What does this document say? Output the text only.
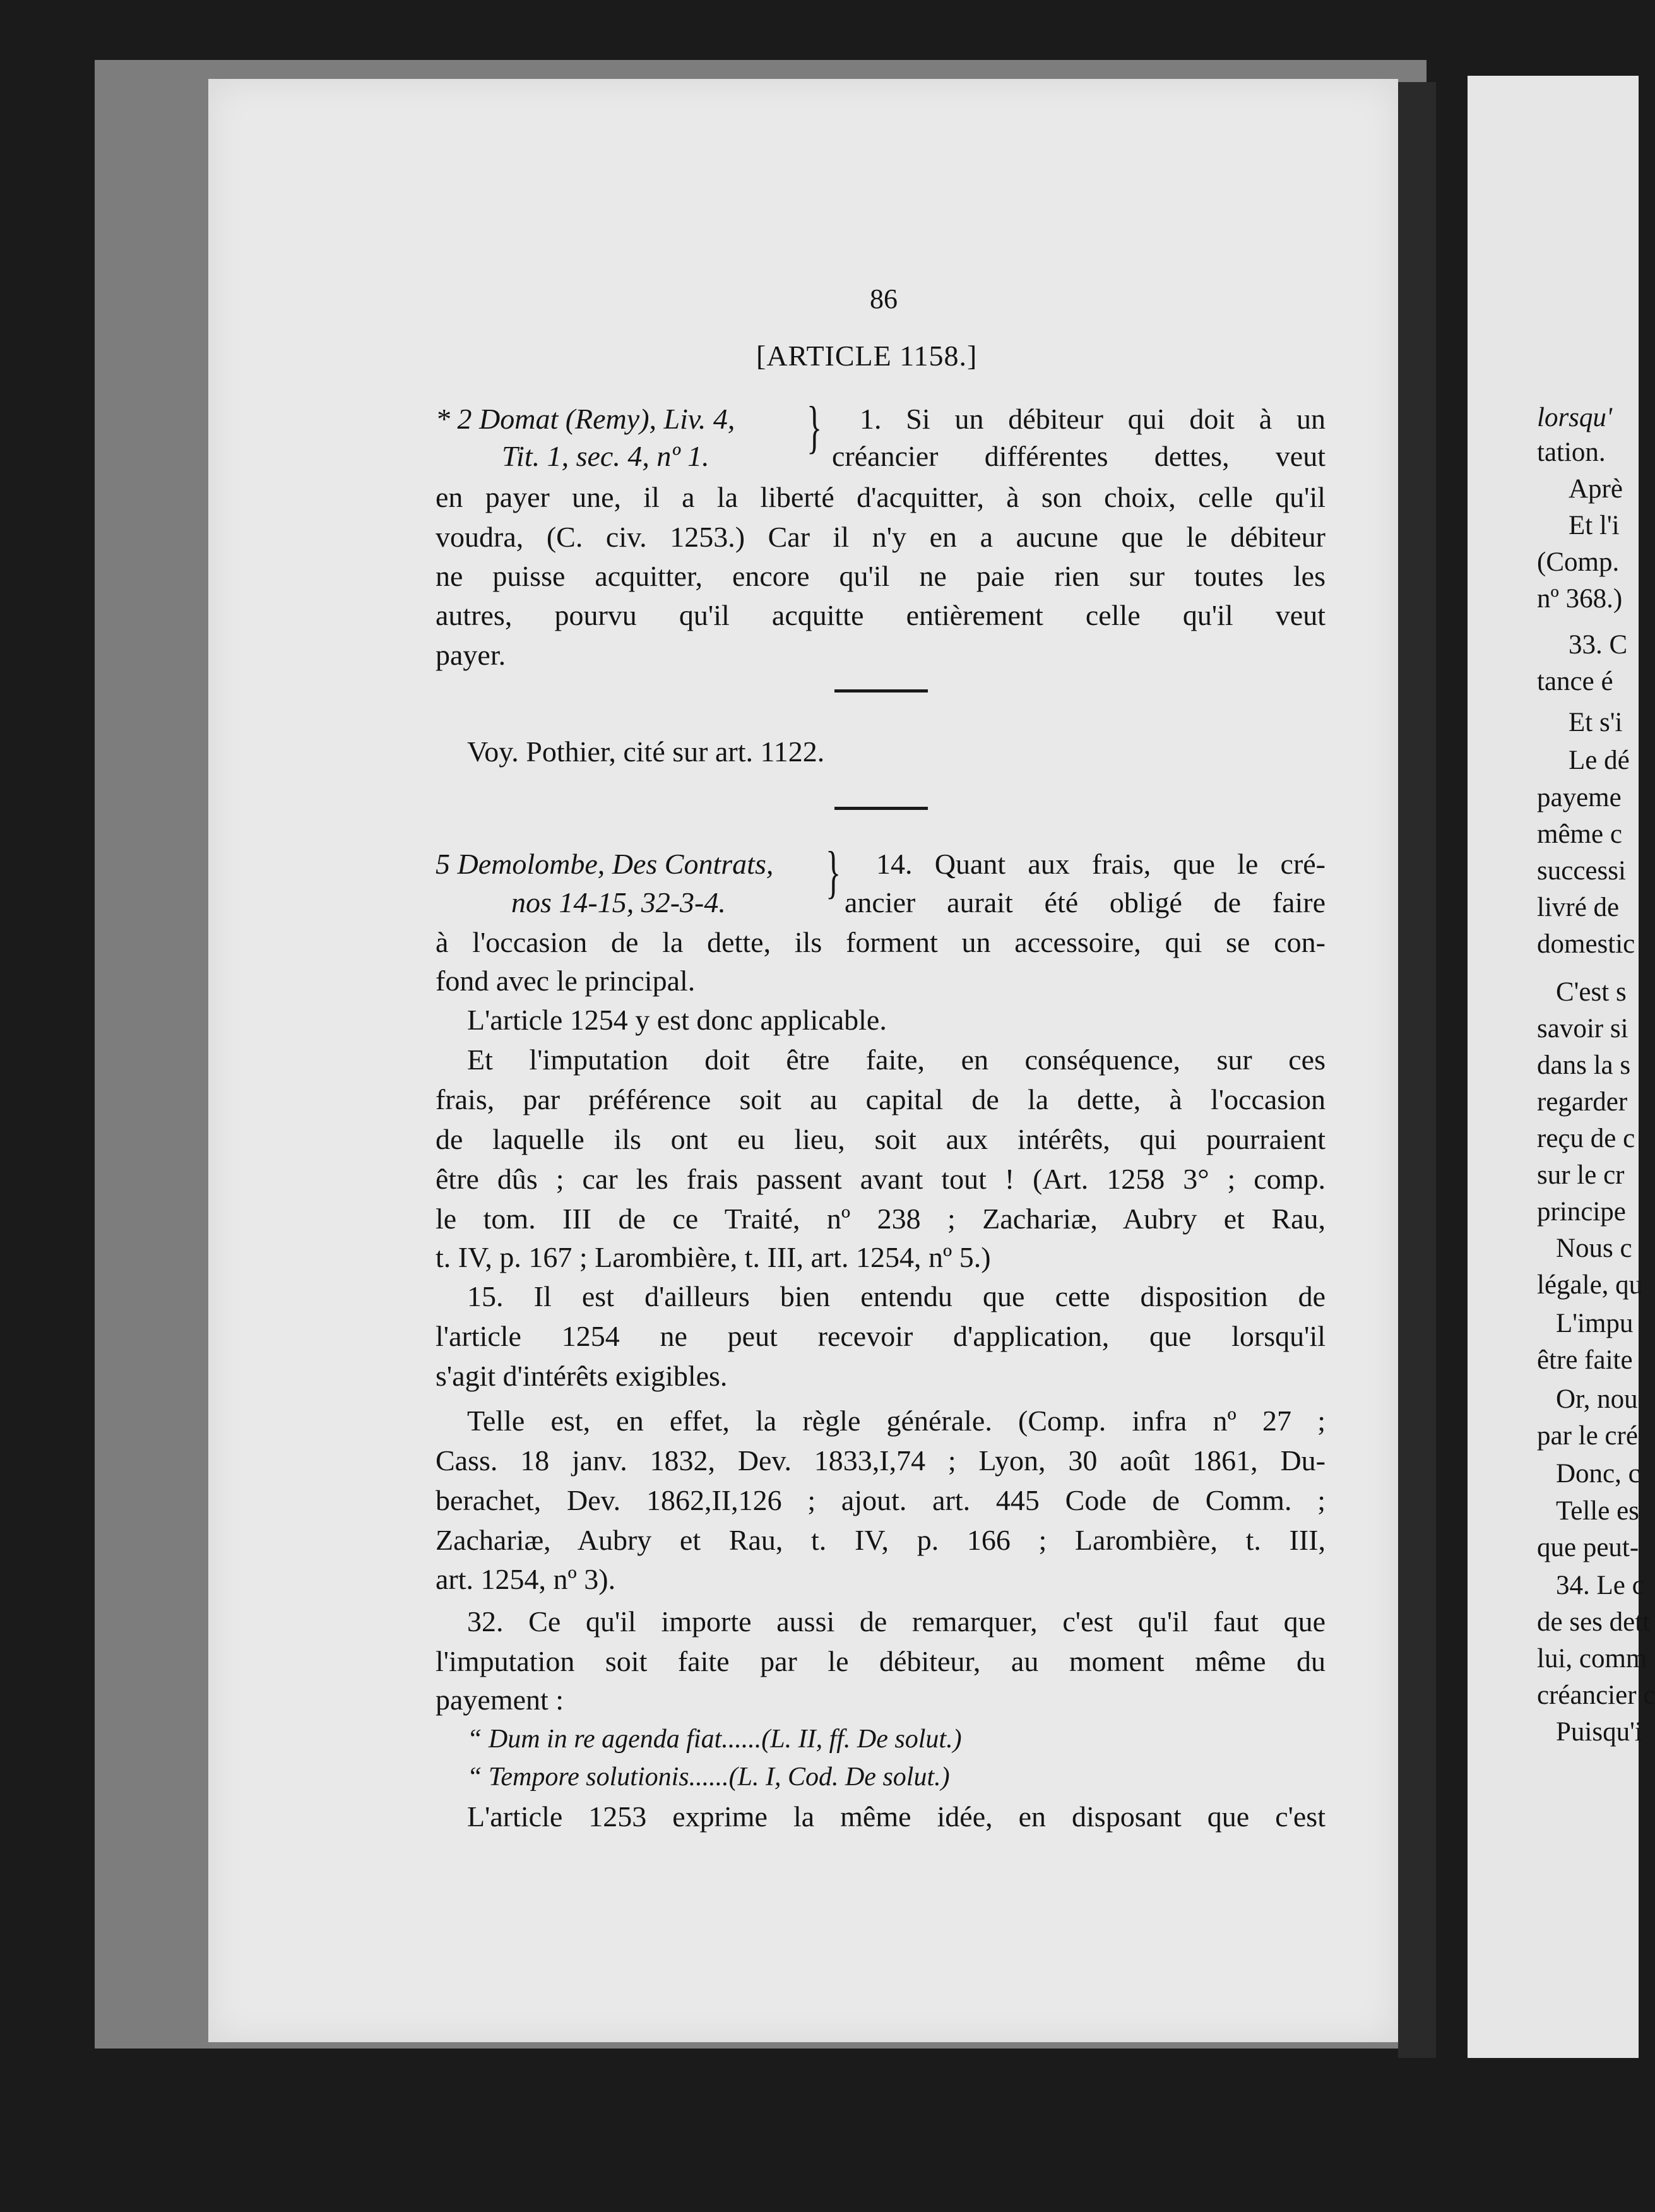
lorsqu'
tation.
Aprè
Et l'i
(Comp.
nº 368.)
33. C
tance é
Et s'i
Le dé
payeme
même c
successi
livré de
domestic
C'est s
savoir si
dans la s
regarder
reçu de c
sur le cr
principe
Nous c
légale, qu
L'impu
être faite
Or, nou
par le cré
Donc, c
Telle es
que peut-
34. Le c
de ses dett
lui, comm
créancier c
Puisqu'i
86
[ARTICLE 1158.]
* 2 Domat (Remy), Liv. 4,
Tit. 1, sec. 4, nº 1. } 1. Si un débiteur qui doit à un
créancier différentes dettes, veut
en payer une, il a la liberté d'acquitter, à son choix, celle qu'il
voudra, (C. civ. 1253.) Car il n'y en a aucune que le débiteur
ne puisse acquitter, encore qu'il ne paie rien sur toutes les
autres, pourvu qu'il acquitte entièrement celle qu'il veut
payer.
Voy. Pothier, cité sur art. 1122.
5 Demolombe, Des Contrats,
nos 14-15, 32-3-4. } 14. Quant aux frais, que le cré-
ancier aurait été obligé de faire
à l'occasion de la dette, ils forment un accessoire, qui se con-
fond avec le principal.
L'article 1254 y est donc applicable.
Et l'imputation doit être faite, en conséquence, sur ces
frais, par préférence soit au capital de la dette, à l'occasion
de laquelle ils ont eu lieu, soit aux intérêts, qui pourraient
être dûs ; car les frais passent avant tout ! (Art. 1258 3° ; comp.
le tom. III de ce Traité, nº 238 ; Zachariæ, Aubry et Rau,
t. IV, p. 167 ; Larombière, t. III, art. 1254, nº 5.)
15. Il est d'ailleurs bien entendu que cette disposition de
l'article 1254 ne peut recevoir d'application, que lorsqu'il
s'agit d'intérêts exigibles.
Telle est, en effet, la règle générale. (Comp. infra nº 27 ;
Cass. 18 janv. 1832, Dev. 1833,I,74 ; Lyon, 30 août 1861, Du-
berachet, Dev. 1862,II,126 ; ajout. art. 445 Code de Comm. ;
Zachariæ, Aubry et Rau, t. IV, p. 166 ; Larombière, t. III,
art. 1254, nº 3).
32. Ce qu'il importe aussi de remarquer, c'est qu'il faut que
l'imputation soit faite par le débiteur, au moment même du
payement :
“ Dum in re agenda fiat......(L. II, ff. De solut.)
“ Tempore solutionis......(L. I, Cod. De solut.)
L'article 1253 exprime la même idée, en disposant que c'est
